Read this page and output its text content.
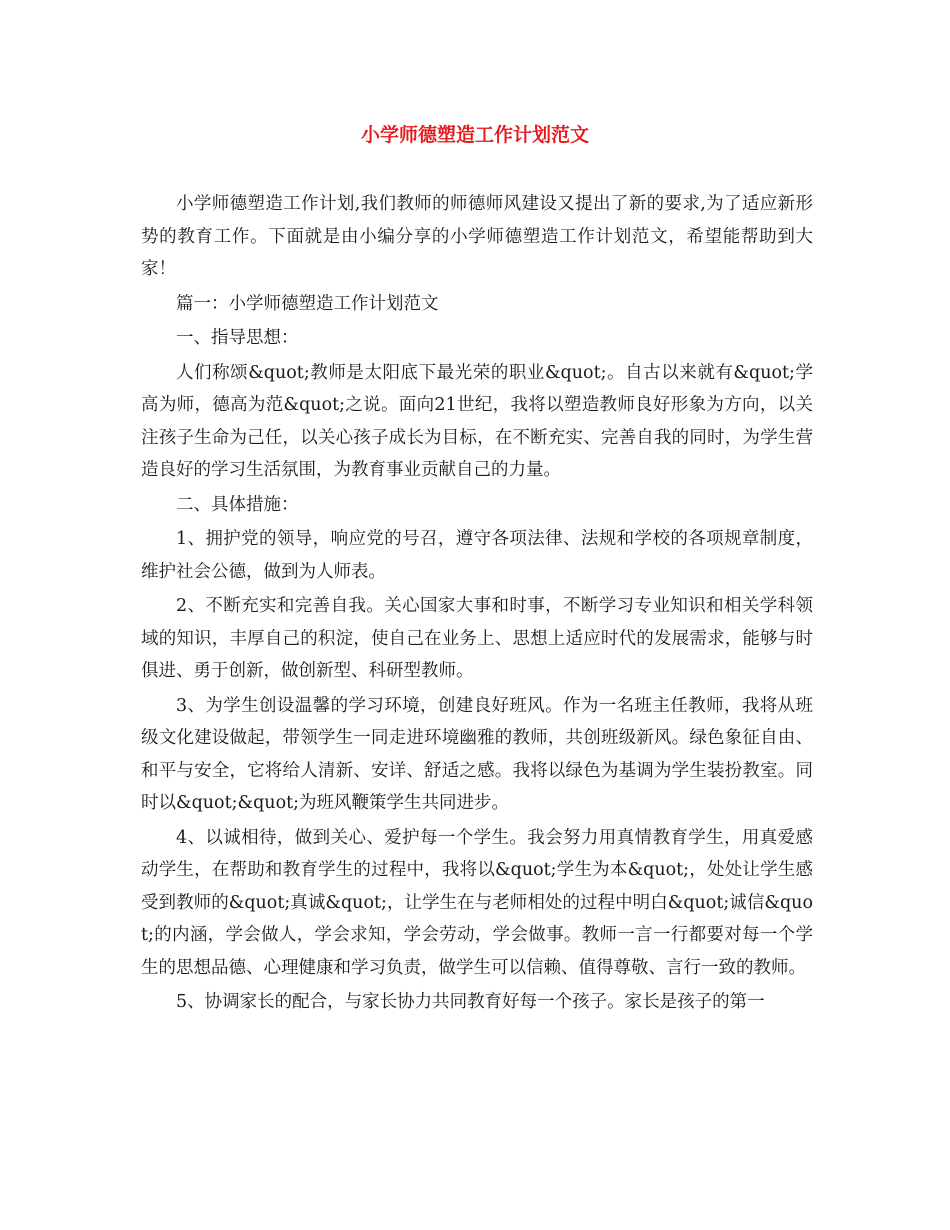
小学师德塑造工作计划范文

小学师德塑造工作计划,我们教师的师德师风建设又提出了新的要求,为了适应新形势的教育工作。下面就是由小编分享的小学师德塑造工作计划范文，希望能帮助到大家！

篇一：小学师德塑造工作计划范文

一、指导思想：

人们称颂&quot;教师是太阳底下最光荣的职业&quot;。自古以来就有&quot;学高为师，德高为范&quot;之说。面向21世纪，我将以塑造教师良好形象为方向，以关注孩子生命为己任，以关心孩子成长为目标，在不断充实、完善自我的同时，为学生营造良好的学习生活氛围，为教育事业贡献自己的力量。

二、具体措施：

1、拥护党的领导，响应党的号召，遵守各项法律、法规和学校的各项规章制度，维护社会公德，做到为人师表。

2、不断充实和完善自我。关心国家大事和时事，不断学习专业知识和相关学科领域的知识，丰厚自己的积淀，使自己在业务上、思想上适应时代的发展需求，能够与时俱进、勇于创新，做创新型、科研型教师。

3、为学生创设温馨的学习环境，创建良好班风。作为一名班主任教师，我将从班级文化建设做起，带领学生一同走进环境幽雅的教师，共创班级新风。绿色象征自由、和平与安全，它将给人清新、安详、舒适之感。我将以绿色为基调为学生装扮教室。同时以&quot;&quot;为班风鞭策学生共同进步。

4、以诚相待，做到关心、爱护每一个学生。我会努力用真情教育学生，用真爱感动学生，在帮助和教育学生的过程中，我将以&quot;学生为本&quot;，处处让学生感受到教师的&quot;真诚&quot;，让学生在与老师相处的过程中明白&quot;诚信&quot;的内涵，学会做人，学会求知，学会劳动，学会做事。教师一言一行都要对每一个学生的思想品德、心理健康和学习负责，做学生可以信赖、值得尊敬、言行一致的教师。

5、协调家长的配合，与家长协力共同教育好每一个孩子。家长是孩子的第一
